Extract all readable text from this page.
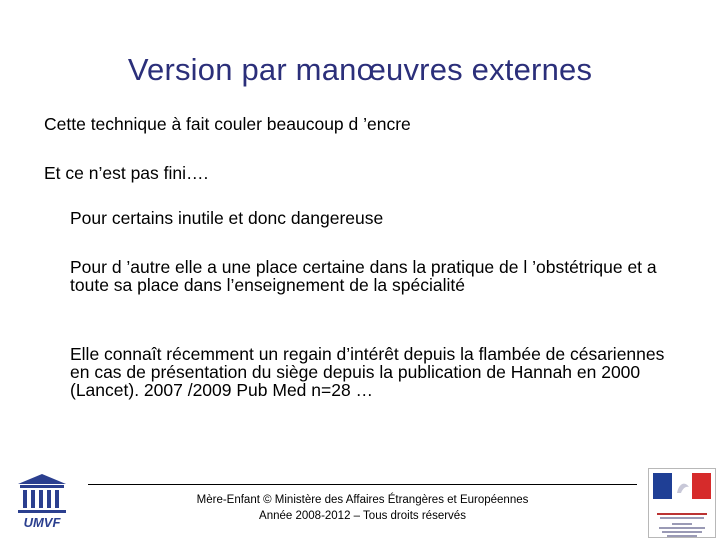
Version par manœuvres externes
Cette technique à fait couler beaucoup d ’encre
Et ce n’est pas fini….
Pour certains inutile et donc dangereuse
Pour d ’autre elle a une place certaine dans la pratique de l ’obstétrique et a toute sa place dans l’enseignement de la spécialité
Elle connaît récemment un regain d’intérêt depuis la flambée de césariennes en cas de présentation du siège depuis la publication de Hannah en 2000 (Lancet). 2007 /2009 Pub Med n=28 …
Mère-Enfant © Ministère des Affaires Étrangères et Européennes
Année 2008-2012 – Tous droits réservés
UMVF
